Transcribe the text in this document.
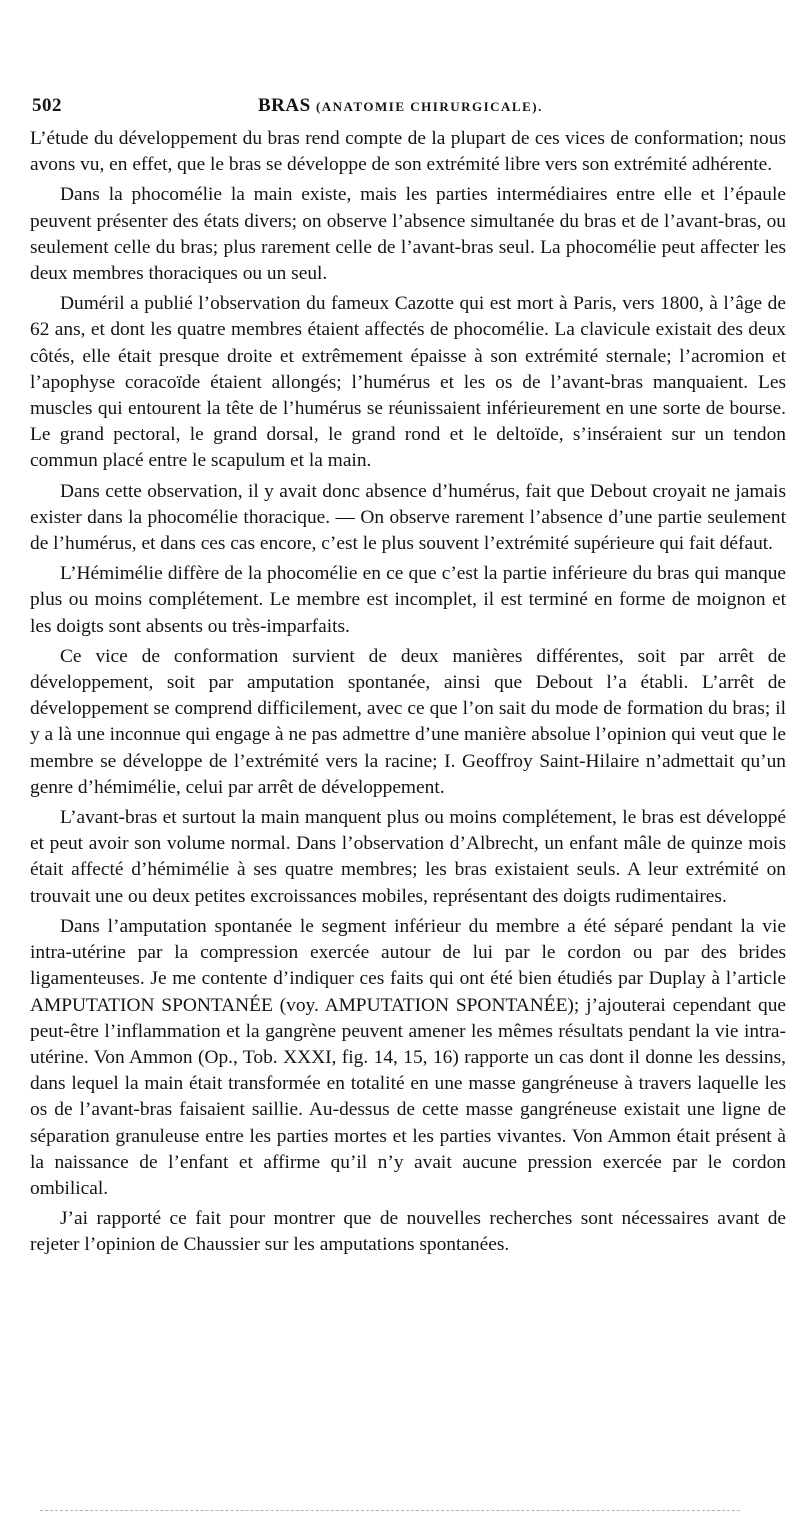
502	BRAS (ANATOMIE CHIRURGICALE).

L’étude du développement du bras rend compte de la plupart de ces vices de conformation; nous avons vu, en effet, que le bras se développe de son extrémité libre vers son extrémité adhérente.

Dans la phocomélie la main existe, mais les parties intermédiaires entre elle et l’épaule peuvent présenter des états divers; on observe l’absence simultanée du bras et de l’avant-bras, ou seulement celle du bras; plus rarement celle de l’avant-bras seul. La phocomélie peut affecter les deux membres thoraciques ou un seul.

Duméril a publié l’observation du fameux Cazotte qui est mort à Paris, vers 1800, à l’âge de 62 ans, et dont les quatre membres étaient affectés de phocomélie. La clavicule existait des deux côtés, elle était presque droite et extrêmement épaisse à son extrémité sternale; l’acromion et l’apophyse coracoïde étaient allongés; l’humérus et les os de l’avant-bras manquaient. Les muscles qui entourent la tête de l’humérus se réunissaient inférieurement en une sorte de bourse. Le grand pectoral, le grand dorsal, le grand rond et le deltoïde, s’inséraient sur un tendon commun placé entre le scapulum et la main.

Dans cette observation, il y avait donc absence d’humérus, fait que Debout croyait ne jamais exister dans la phocomélie thoracique. — On observe rarement l’absence d’une partie seulement de l’humérus, et dans ces cas encore, c’est le plus souvent l’extrémité supérieure qui fait défaut.

L’Hémimélie diffère de la phocomélie en ce que c’est la partie inférieure du bras qui manque plus ou moins complétement. Le membre est incomplet, il est terminé en forme de moignon et les doigts sont absents ou très-imparfaits.

Ce vice de conformation survient de deux manières différentes, soit par arrêt de développement, soit par amputation spontanée, ainsi que Debout l’a établi. L’arrêt de développement se comprend difficilement, avec ce que l’on sait du mode de formation du bras; il y a là une inconnue qui engage à ne pas admettre d’une manière absolue l’opinion qui veut que le membre se développe de l’extrémité vers la racine; I. Geoffroy Saint-Hilaire n’admettait qu’un genre d’hémimélie, celui par arrêt de développement.

L’avant-bras et surtout la main manquent plus ou moins complétement, le bras est développé et peut avoir son volume normal. Dans l’observation d’Albrecht, un enfant mâle de quinze mois était affecté d’hémimélie à ses quatre membres; les bras existaient seuls. A leur extrémité on trouvait une ou deux petites excroissances mobiles, représentant des doigts rudimentaires.

Dans l’amputation spontanée le segment inférieur du membre a été séparé pendant la vie intra-utérine par la compression exercée autour de lui par le cordon ou par des brides ligamenteuses. Je me contente d’indiquer ces faits qui ont été bien étudiés par Duplay à l’article AMPUTATION SPONTANÉE (voy. AMPUTATION SPONTANÉE); j’ajouterai cependant que peut-être l’inflammation et la gangrène peuvent amener les mêmes résultats pendant la vie intra-utérine. Von Ammon (Op., Tob. XXXI, fig. 14, 15, 16) rapporte un cas dont il donne les dessins, dans lequel la main était transformée en totalité en une masse gangréneuse à travers laquelle les os de l’avant-bras faisaient saillie. Au-dessus de cette masse gangréneuse existait une ligne de séparation granuleuse entre les parties mortes et les parties vivantes. Von Ammon était présent à la naissance de l’enfant et affirme qu’il n’y avait aucune pression exercée par le cordon ombilical.

J’ai rapporté ce fait pour montrer que de nouvelles recherches sont nécessaires avant de rejeter l’opinion de Chaussier sur les amputations spontanées.
